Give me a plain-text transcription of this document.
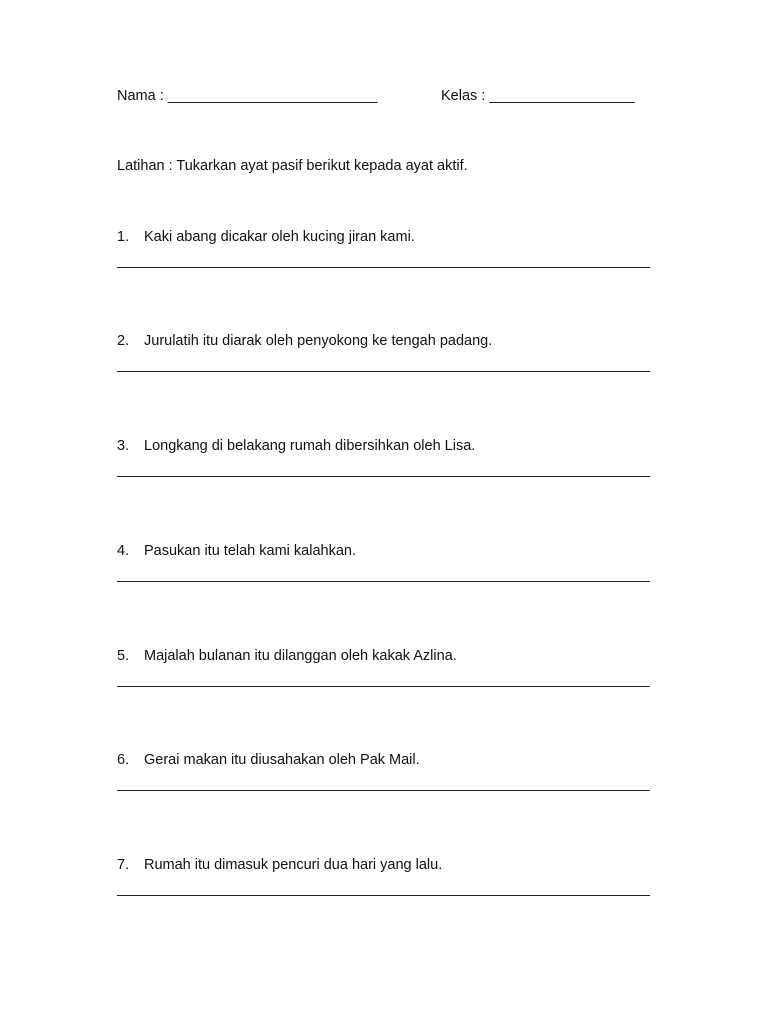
Nama : __________________________	Kelas : __________________
Latihan : Tukarkan ayat pasif berikut kepada ayat aktif.
1. Kaki abang dicakar oleh kucing jiran kami.
2. Jurulatih itu diarak oleh penyokong ke tengah padang.
3. Longkang di belakang rumah dibersihkan oleh Lisa.
4. Pasukan itu telah kami kalahkan.
5. Majalah bulanan itu dilanggan oleh kakak Azlina.
6. Gerai makan itu diusahakan oleh Pak Mail.
7. Rumah itu dimasuk pencuri dua hari yang lalu.
